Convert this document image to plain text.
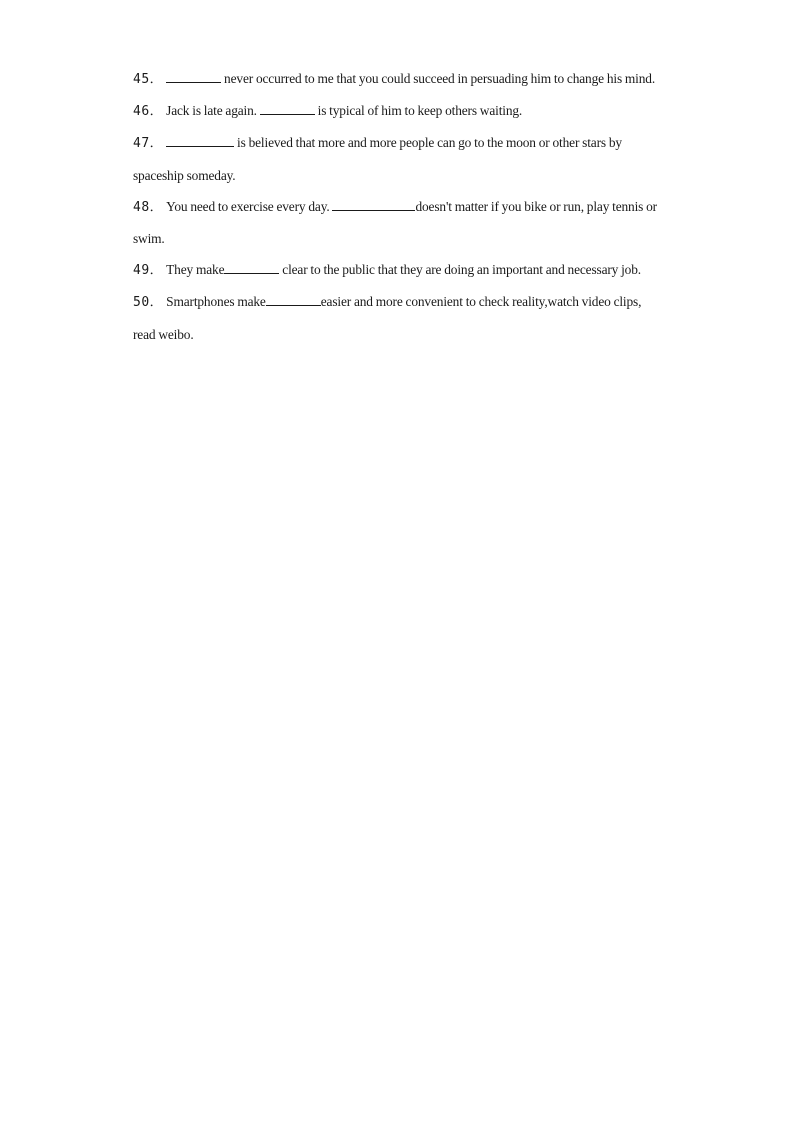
45．	never occurred to me that you could succeed in persuading him to change his mind.

46． Jack is late again.	is typical of him to keep others waiting.

47．	is believed that more and more people can go to the moon or other stars by spaceship someday.

48． You need to exercise every day.	doesn't matter if you bike or run, play tennis or swim.

49． They make	clear to the public that they are doing an important and necessary job.

50． Smartphones make	easier and more convenient to check reality,watch video clips, read weibo.
